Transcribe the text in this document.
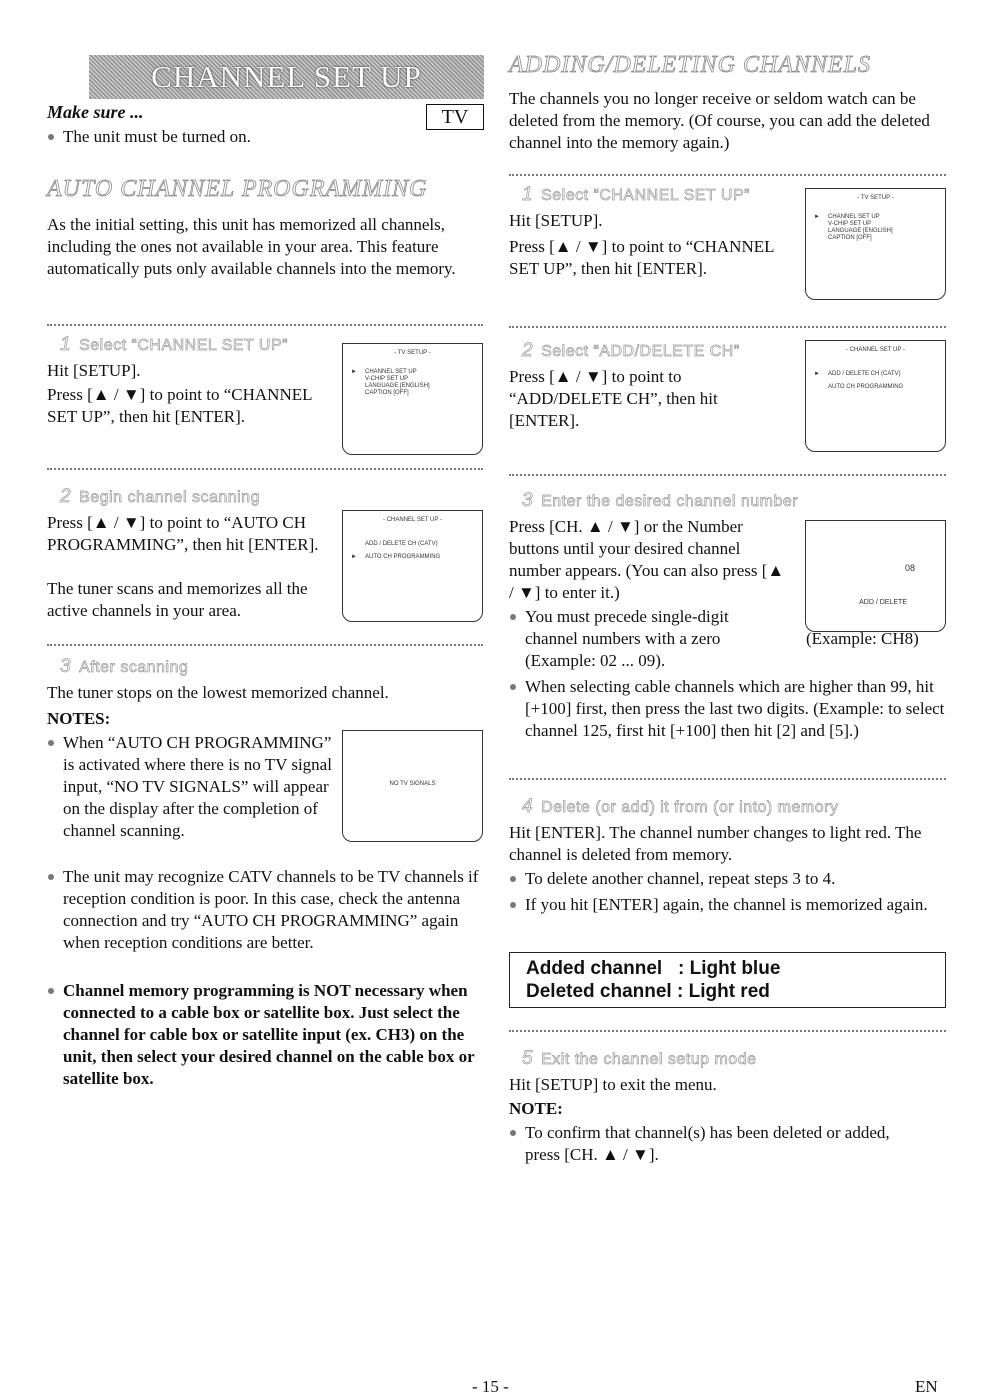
CHANNEL SET UP
Make sure ...
The unit must be turned on.
TV
AUTO CHANNEL PROGRAMMING

As the initial setting, this unit has memorized all channels, including the ones not available in your area. This feature automatically puts only available channels into the memory.

1 Select “CHANNEL SET UP”

Hit [SETUP].

Press [▲ / ▼] to point to “CHANNEL SET UP”, then hit [ENTER].

- TV SETUP -
► CHANNEL SET UP
V-CHIP SET UP
LANGUAGE [ENGLISH]
CAPTION [OFF]
2 Begin channel scanning

Press [▲ / ▼] to point to “AUTO CH PROGRAMMING”, then hit [ENTER].

The tuner scans and memorizes all the active channels in your area.

- CHANNEL SET UP -
ADD / DELETE CH (CATV)
► AUTO CH PROGRAMMING
3 After scanning

The tuner stops on the lowest memorized channel.

NOTES:

When “AUTO CH PROGRAMMING” is activated where there is no TV signal input, “NO TV SIGNALS” will appear on the display after the completion of channel scanning.

NO TV SIGNALS

The unit may recognize CATV channels to be TV channels if reception condition is poor. In this case, check the antenna connection and try “AUTO CH PROGRAMMING” again when reception conditions are better.

Channel memory programming is NOT necessary when connected to a cable box or satellite box. Just select the channel for cable box or satellite input (ex. CH3) on the unit, then select your desired channel on the cable box or satellite box.

ADDING/DELETING CHANNELS

The channels you no longer receive or seldom watch can be deleted from the memory. (Of course, you can add the deleted channel into the memory again.)

1 Select “CHANNEL SET UP”

Hit [SETUP].

Press [▲ / ▼] to point to “CHANNEL SET UP”, then hit [ENTER].

- TV SETUP -
► CHANNEL SET UP
V-CHIP SET UP
LANGUAGE [ENGLISH]
CAPTION [OFF]
2 Select “ADD/DELETE CH”

Press [▲ / ▼] to point to “ADD/DELETE CH”, then hit [ENTER].

- CHANNEL SET UP -
► ADD / DELETE CH (CATV)
AUTO CH PROGRAMMING
3 Enter the desired channel number

Press [CH. ▲ / ▼] or the Number buttons until your desired channel number appears. (You can also press [▲ / ▼] to enter it.)

08
ADD / DELETE

You must precede single-digit channel numbers with a zero (Example: 02 ... 09).

(Example: CH8)

When selecting cable channels which are higher than 99, hit [+100] first, then press the last two digits. (Example: to select channel 125, first hit [+100] then hit [2] and [5].)

4 Delete (or add) it from (or into) memory

Hit [ENTER]. The channel number changes to light red. The channel is deleted from memory.

To delete another channel, repeat steps 3 to 4.

If you hit [ENTER] again, the channel is memorized again.

Added channel   : Light blue
Deleted channel : Light red
5 Exit the channel setup mode

Hit [SETUP] to exit the menu.

NOTE:

To confirm that channel(s) has been deleted or added, press [CH. ▲ / ▼].

- 15 -	EN
